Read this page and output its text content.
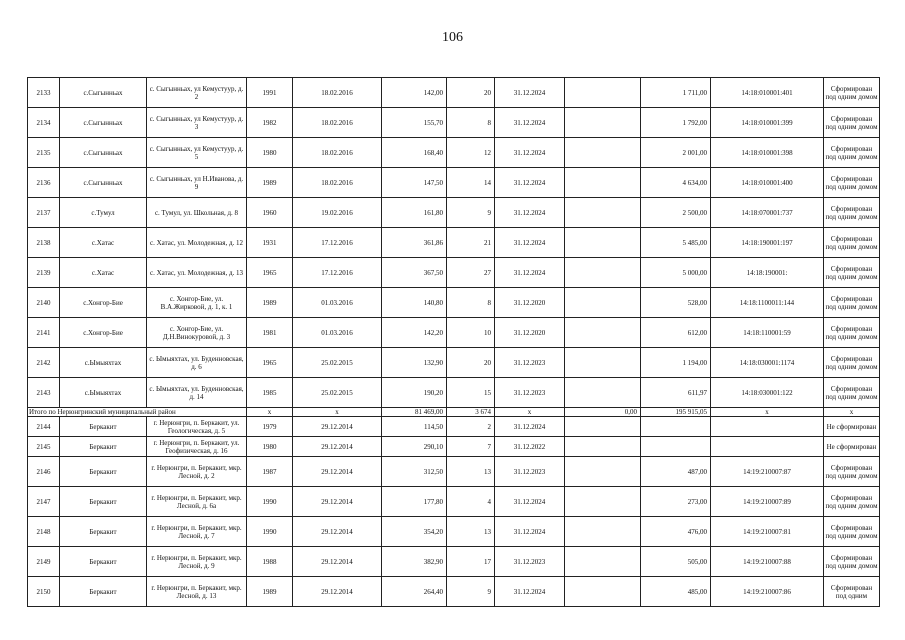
106
2133	с.Сыгынньах	с. Сыгынньах, ул Кемустуур, д. 2	1991	18.02.2016	142,00	20	31.12.2024		1 711,00	14:18:010001:401	Сформирован под одним домом
2134	с.Сыгынньах	с. Сыгынньах, ул Кемустуур, д. 3	1982	18.02.2016	155,70	8	31.12.2024		1 792,00	14:18:010001:399	Сформирован под одним домом
2135	с.Сыгынньах	с. Сыгынньах, ул Кемустуур, д. 5	1980	18.02.2016	168,40	12	31.12.2024		2 001,00	14:18:010001:398	Сформирован под одним домом
2136	с.Сыгынньах	с. Сыгынньах, ул Н.Иванова, д. 9	1989	18.02.2016	147,50	14	31.12.2024		4 634,00	14:18:010001:400	Сформирован под одним домом
2137	с.Тумул	с. Тумул, ул. Школьная, д. 8	1960	19.02.2016	161,80	9	31.12.2024		2 500,00	14:18:070001:737	Сформирован под одним домом
2138	с.Хатас	с. Хатас, ул. Молодежная, д. 12	1931	17.12.2016	361,86	21	31.12.2024		5 485,00	14:18:190001:197	Сформирован под одним домом
2139	с.Хатас	с. Хатас, ул. Молодежная, д. 13	1965	17.12.2016	367,50	27	31.12.2024		5 000,00	14:18:190001:	Сформирован под одним домом
2140	с.Хонгор-Бие	с. Хонгор-Бие, ул. В.А.Жирковой, д. 1, к. 1	1989	01.03.2016	140,80	8	31.12.2020		528,00	14:18:1100011:144	Сформирован под одним домом
2141	с.Хонгор-Бие	с. Хонгор-Бие, ул. Д.Н.Винокуровой, д. 3	1981	01.03.2016	142,20	10	31.12.2020		612,00	14:18:110001:59	Сформирован под одним домом
2142	с.Ымыяхтах	с. Ымыяхтах, ул. Буденновская, д. 6	1965	25.02.2015	132,90	20	31.12.2023		1 194,00	14:18:030001:1174	Сформирован под одним домом
2143	с.Ымыяхтах	с. Ымыяхтах, ул. Буденновская, д. 14	1985	25.02.2015	190,20	15	31.12.2023		611,97	14:18:030001:122	Сформирован под одним домом
Итого по Нерюнгринский муниципальный район			x	x	81 469,00	3 674	x	0,00	195 915,05	x	x
2144	Беркакит	г. Нерюнгри, п. Беркакит, ул. Геологическая, д. 5	1979	29.12.2014	114,50	2	31.12.2024				Не сформирован
2145	Беркакит	г. Нерюнгри, п. Беркакит, ул. Геофизическая, д. 16	1980	29.12.2014	290,10	7	31.12.2022				Не сформирован
2146	Беркакит	г. Нерюнгри, п. Беркакит, мкр. Лесной, д. 2	1987	29.12.2014	312,50	13	31.12.2023		487,00	14:19:210007:87	Сформирован под одним домом
2147	Беркакит	г. Нерюнгри, п. Беркакит, мкр. Лесной, д. 6а	1990	29.12.2014	177,80	4	31.12.2024		273,00	14:19:210007:89	Сформирован под одним домом
2148	Беркакит	г. Нерюнгри, п. Беркакит, мкр. Лесной, д. 7	1990	29.12.2014	354,20	13	31.12.2024		476,00	14:19:210007:81	Сформирован под одним домом
2149	Беркакит	г. Нерюнгри, п. Беркакит, мкр. Лесной, д. 9	1988	29.12.2014	382,90	17	31.12.2023		505,00	14:19:210007:88	Сформирован под одним домом
2150	Беркакит	г. Нерюнгри, п. Беркакит, мкр. Лесной, д. 13	1989	29.12.2014	264,40	9	31.12.2024		485,00	14:19:210007:86	Сформирован под одним
